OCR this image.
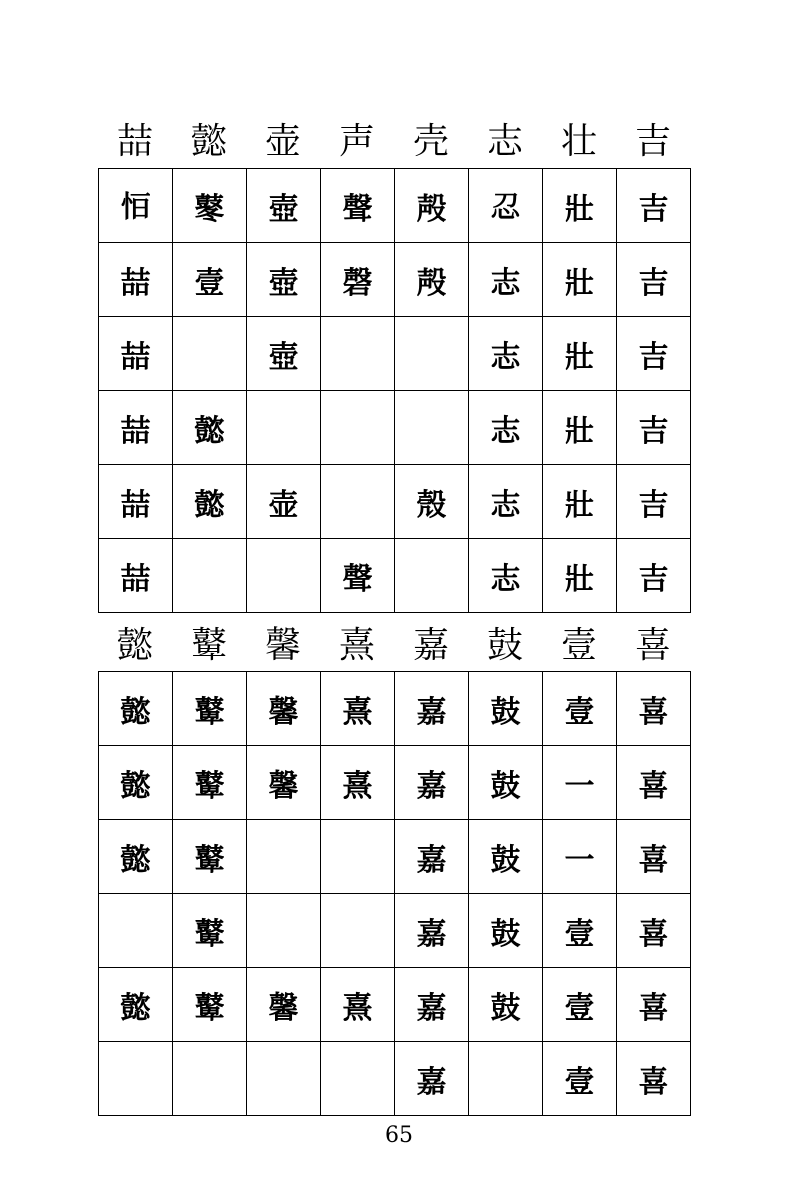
喆	懿	壶	声	壳	志	壮	吉
𢘆	鼕	壺	聲	殸	𢖫	壯	吉
喆	壹	壺	磬	殸	志	壯	吉
喆		壺			志	壯	吉
喆	懿				志	壯	吉
喆	懿	壶		殼	志	壯	吉
喆			聲		志	壯	吉
懿	鼙	馨	熹	嘉	鼓	壹	喜
懿	鼙	馨	熹	嘉	鼓	壹	喜
懿	鼙	馨	熹	嘉	鼓	一	喜
懿	鼙			嘉	鼓	一	喜
	鼙			嘉	鼓	壹	喜
懿	鼙	馨	熹	嘉	鼓	壹	喜
				嘉		壹	喜
65
